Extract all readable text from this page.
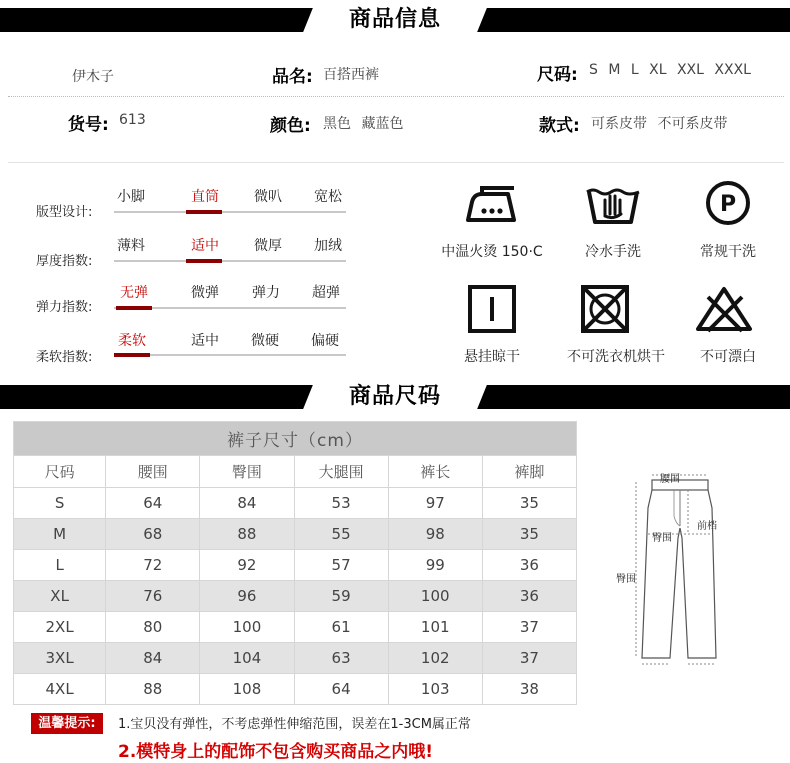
商品信息
伊木子	品名: 百搭西裤	尺码: S M L XL XXL XXXL
货号: 613	颜色: 黑色 藏蓝色	款式: 可系皮带 不可系皮带
版型设计:
小脚	直筒	微叭	宽松
厚度指数:
薄料	适中	微厚	加绒
弹力指数:
无弹	微弹	弹力	超弹
柔软指数:
柔软	适中	微硬	偏硬
中温火烫 150·C	冷水手洗
P
常规干洗
悬挂晾干	不可洗衣机烘干	不可漂白
商品尺码
裤子尺寸（cm）					
尺码	腰围	臀围	大腿围	裤长	裤脚
S	64	84	53	97	35
M	68	88	55	98	35
L	72	92	57	99	36
XL	76	96	59	100	36
2XL	80	100	61	101	37
3XL	84	104	63	102	37
4XL	88	108	64	103	38
腰围
前档
臀围
臀围
温馨提示:	1.宝贝没有弹性，不考虑弹性伸缩范围，误差在1-3CM属正常
2.模特身上的配饰不包含购买商品之内哦!
